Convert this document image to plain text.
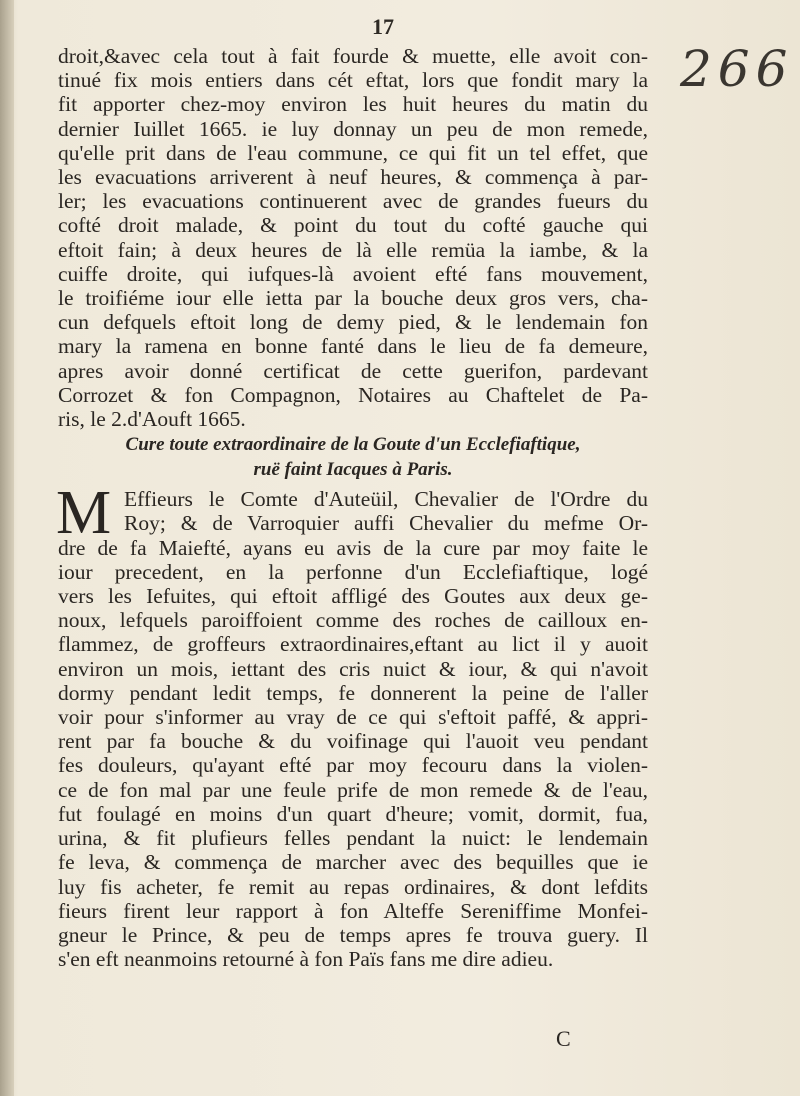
17
266
droit,&avec cela tout à fait fourde & muette, elle avoit con-
tinué fix mois entiers dans cét eftat, lors que fondit mary la
fit apporter chez-moy environ les huit heures du matin du
dernier Iuillet 1665. ie luy donnay un peu de mon remede,
qu'elle prit dans de l'eau commune, ce qui fit un tel effet, que
les evacuations arriverent à neuf heures, & commença à par-
ler; les evacuations continuerent avec de grandes fueurs du
cofté droit malade, & point du tout du cofté gauche qui
eftoit fain; à deux heures de là elle remüa la iambe, & la
cuiffe droite, qui iufques-là avoient efté fans mouvement,
le troifiéme iour elle ietta par la bouche deux gros vers, cha-
cun defquels eftoit long de demy pied, & le lendemain fon
mary la ramena en bonne fanté dans le lieu de fa demeure,
apres avoir donné certificat de cette guerifon, pardevant
Corrozet & fon Compagnon, Notaires au Chaftelet de Pa-
ris, le 2.d'Aouft 1665.
Cure toute extraordinaire de la Goute d'un Ecclefiaftique,
ruë faint Iacques à Paris.
M Effieurs le Comte d'Auteüil, Chevalier de l'Ordre du
Roy; & de Varroquier auffi Chevalier du mefme Or-
dre de fa Maiefté, ayans eu avis de la cure par moy faite le
iour precedent, en la perfonne d'un Ecclefiaftique, logé
vers les Iefuites, qui eftoit affligé des Goutes aux deux ge-
noux, lefquels paroiffoient comme des roches de cailloux en-
flammez, de groffeurs extraordinaires,eftant au lict il y auoit
environ un mois, iettant des cris nuict & iour, & qui n'avoit
dormy pendant ledit temps, fe donnerent la peine de l'aller
voir pour s'informer au vray de ce qui s'eftoit paffé, & appri-
rent par fa bouche & du voifinage qui l'auoit veu pendant
fes douleurs, qu'ayant efté par moy fecouru dans la violen-
ce de fon mal par une feule prife de mon remede & de l'eau,
fut foulagé en moins d'un quart d'heure; vomit, dormit, fua,
urina, & fit plufieurs felles pendant la nuict: le lendemain
fe leva, & commença de marcher avec des bequilles que ie
luy fis acheter, fe remit au repas ordinaires, & dont lefdits
fieurs firent leur rapport à fon Alteffe Sereniffime Monfei-
gneur le Prince, & peu de temps apres fe trouva guery. Il
s'en eft neanmoins retourné à fon Païs fans me dire adieu.
C
